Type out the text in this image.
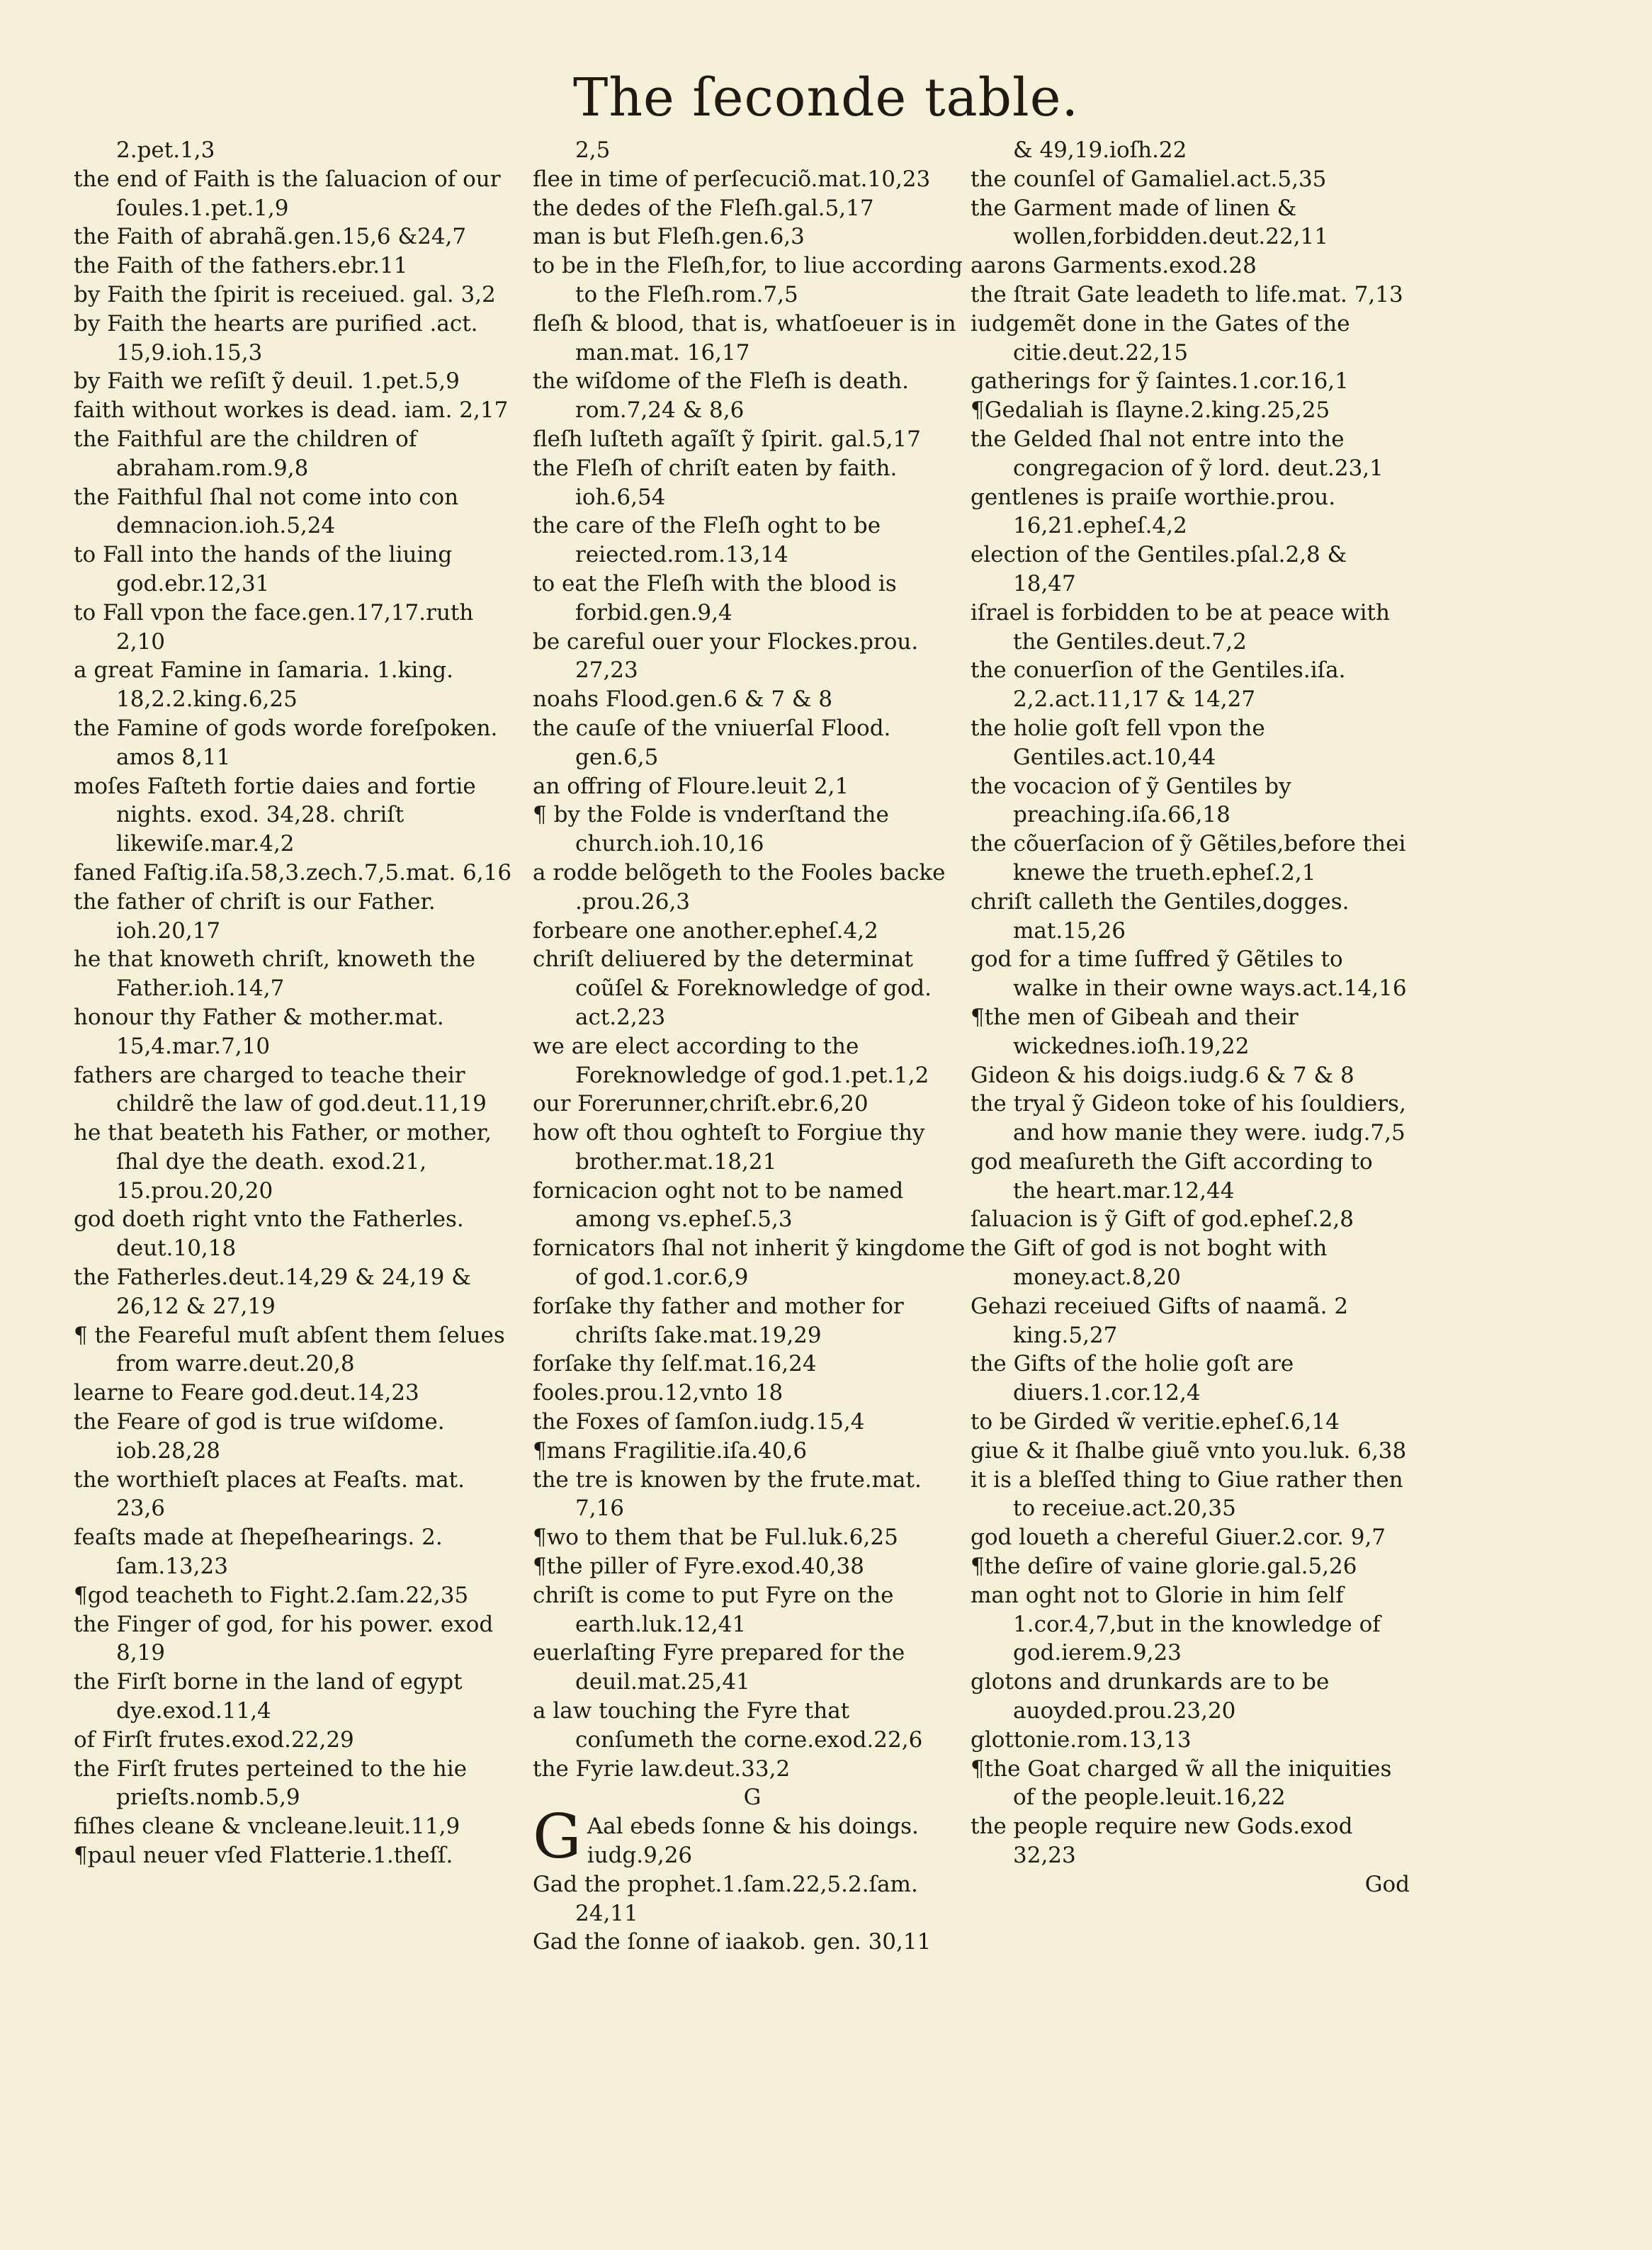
The ſeconde table.

2.pet.1,3

the end of Faith is the ſaluacion of our ſoules.1.pet.1,9

the Faith of abrahã.gen.15,6 &24,7

the Faith of the fathers.ebr.11

by Faith the ſpirit is receiued. gal. 3,2

by Faith the hearts are purified .act. 15,9.ioh.15,3

by Faith we reſiſt ỹ deuil. 1.pet.5,9

faith without workes is dead. iam. 2,17

the Faithful are the children of abraham.rom.9,8

the Faithful ſhal not come into con demnacion.ioh.5,24

to Fall into the hands of the liuing god.ebr.12,31

to Fall vpon the face.gen.17,17.ruth 2,10

a great Famine in ſamaria. 1.king. 18,2.2.king.6,25

the Famine of gods worde foreſpoken. amos 8,11

moſes Faſteth fortie daies and fortie nights. exod. 34,28. chriſt likewiſe.mar.4,2

faned Faſtig.iſa.58,3.zech.7,5.mat. 6,16

the father of chriſt is our Father. ioh.20,17

he that knoweth chriſt, knoweth the Father.ioh.14,7

honour thy Father & mother.mat. 15,4.mar.7,10

fathers are charged to teache their childrẽ the law of god.deut.11,19

he that beateth his Father, or mother, ſhal dye the death. exod.21, 15.prou.20,20

god doeth right vnto the Fatherles. deut.10,18

the Fatherles.deut.14,29 & 24,19 & 26,12 & 27,19

¶ the Feareful muſt abſent them ſelues from warre.deut.20,8

learne to Feare god.deut.14,23

the Feare of god is true wiſdome. iob.28,28

the worthieſt places at Feaſts. mat. 23,6

feaſts made at ſhepeſhearings. 2. ſam.13,23

¶god teacheth to Fight.2.ſam.22,35

the Finger of god, for his power. exod 8,19

the Firſt borne in the land of egypt dye.exod.11,4

of Firſt frutes.exod.22,29

the Firſt frutes perteined to the hie prieſts.nomb.5,9

fiſhes cleane & vncleane.leuit.11,9

¶paul neuer vſed Flatterie.1.theſſ.

2,5

flee in time of perſecuciõ.mat.10,23

the dedes of the Fleſh.gal.5,17

man is but Fleſh.gen.6,3

to be in the Fleſh,for, to liue according to the Fleſh.rom.7,5

fleſh & blood, that is, whatſoeuer is in man.mat. 16,17

the wiſdome of the Fleſh is death. rom.7,24 & 8,6

fleſh luſteth agaĩſt ỹ ſpirit. gal.5,17

the Fleſh of chriſt eaten by faith. ioh.6,54

the care of the Fleſh oght to be reiected.rom.13,14

to eat the Fleſh with the blood is forbid.gen.9,4

be careful ouer your Flockes.prou. 27,23

noahs Flood.gen.6 & 7 & 8

the cauſe of the vniuerſal Flood. gen.6,5

an offring of Floure.leuit 2,1

¶ by the Folde is vnderſtand the church.ioh.10,16

a rodde belõgeth to the Fooles backe .prou.26,3

forbeare one another.epheſ.4,2

chriſt deliuered by the determinat coũſel & Foreknowledge of god. act.2,23

we are elect according to the Foreknowledge of god.1.pet.1,2

our Forerunner,chriſt.ebr.6,20

how oft thou oghteſt to Forgiue thy brother.mat.18,21

fornicacion oght not to be named among vs.epheſ.5,3

fornicators ſhal not inherit ỹ kingdome of god.1.cor.6,9

forſake thy father and mother for chriſts ſake.mat.19,29

forſake thy ſelf.mat.16,24

fooles.prou.12,vnto 18

the Foxes of ſamſon.iudg.15,4

¶mans Fragilitie.iſa.40,6

the tre is knowen by the frute.mat. 7,16

¶wo to them that be Ful.luk.6,25

¶the piller of Fyre.exod.40,38

chriſt is come to put Fyre on the earth.luk.12,41

euerlaſting Fyre prepared for the deuil.mat.25,41

a law touching the Fyre that conſumeth the corne.exod.22,6

the Fyrie law.deut.33,2

G

GAal ebeds ſonne & his doings. iudg.9,26

Gad the prophet.1.ſam.22,5.2.ſam. 24,11

Gad the ſonne of iaakob. gen. 30,11

& 49,19.ioſh.22

the counſel of Gamaliel.act.5,35

the Garment made of linen & wollen,forbidden.deut.22,11

aarons Garments.exod.28

the ſtrait Gate leadeth to life.mat. 7,13

iudgemẽt done in the Gates of the citie.deut.22,15

gatherings for ỹ ſaintes.1.cor.16,1

¶Gedaliah is ſlayne.2.king.25,25

the Gelded ſhal not entre into the congregacion of ỹ lord. deut.23,1

gentlenes is praiſe worthie.prou. 16,21.epheſ.4,2

election of the Gentiles.pſal.2,8 & 18,47

iſrael is forbidden to be at peace with the Gentiles.deut.7,2

the conuerſion of the Gentiles.iſa. 2,2.act.11,17 & 14,27

the holie goſt fell vpon the Gentiles.act.10,44

the vocacion of ỹ Gentiles by preaching.iſa.66,18

the cõuerſacion of ỹ Gẽtiles,before thei knewe the trueth.epheſ.2,1

chriſt calleth the Gentiles,dogges. mat.15,26

god for a time ſuffred ỹ Gẽtiles to walke in their owne ways.act.14,16

¶the men of Gibeah and their wickednes.ioſh.19,22

Gideon & his doigs.iudg.6 & 7 & 8

the tryal ỹ Gideon toke of his ſouldiers, and how manie they were. iudg.7,5

god meaſureth the Gift according to the heart.mar.12,44

ſaluacion is ỹ Gift of god.epheſ.2,8

the Gift of god is not boght with money.act.8,20

Gehazi receiued Gifts of naamã. 2 king.5,27

the Gifts of the holie goſt are diuers.1.cor.12,4

to be Girded w̃ veritie.epheſ.6,14

giue & it ſhalbe giuẽ vnto you.luk. 6,38

it is a bleſſed thing to Giue rather then to receiue.act.20,35

god loueth a chereful Giuer.2.cor. 9,7

¶the deſire of vaine glorie.gal.5,26

man oght not to Glorie in him ſelf 1.cor.4,7,but in the knowledge of god.ierem.9,23

glotons and drunkards are to be auoyded.prou.23,20

glottonie.rom.13,13

¶the Goat charged w̃ all the iniquities of the people.leuit.16,22

the people require new Gods.exod 32,23

God
